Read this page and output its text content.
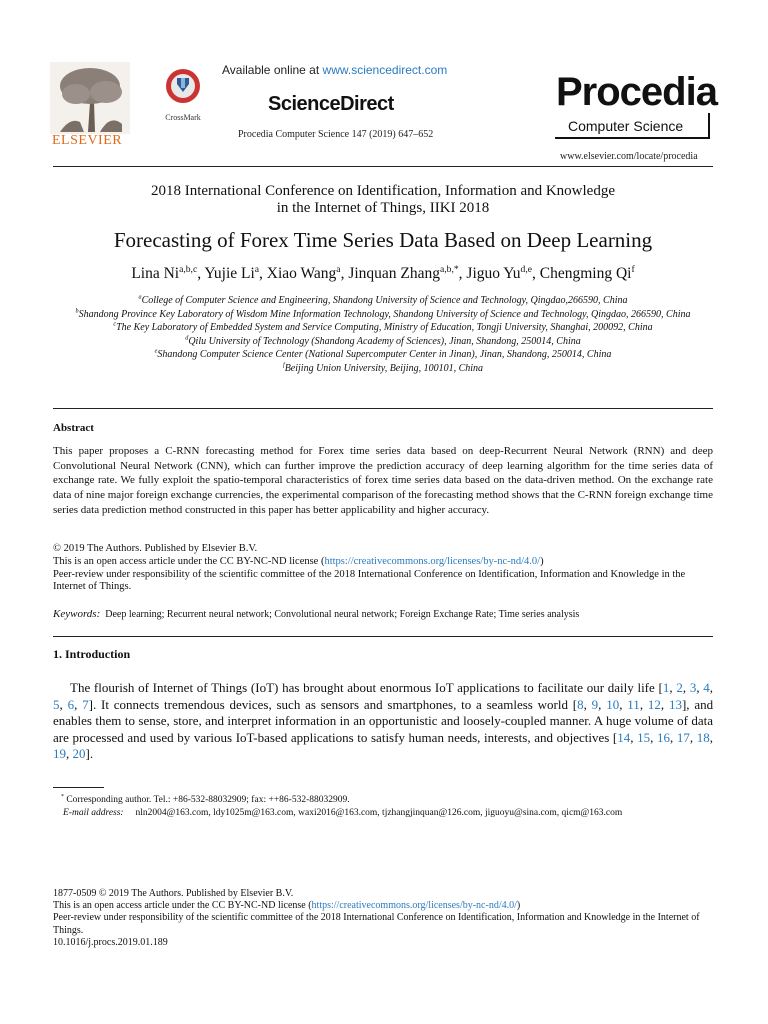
ELSEVIER
CrossMark
Available online at www.sciencedirect.com
ScienceDirect
Procedia Computer Science 147 (2019) 647–652
Procedia
Computer Science
www.elsevier.com/locate/procedia
2018 International Conference on Identification, Information and Knowledge
in the Internet of Things, IIKI 2018
Forecasting of Forex Time Series Data Based on Deep Learning
Lina Ni$^{a,b,c}$, Yujie Li$^a$, Xiao Wang$^a$, Jinquan Zhang$^{a,b,*}$, Jiguo Yu$^{d,e}$, Chengming Qi$^f$
$^a$College of Computer Science and Engineering, Shandong University of Science and Technology, Qingdao,266590, China
$^b$Shandong Province Key Laboratory of Wisdom Mine Information Technology, Shandong University of Science and Technology, Qingdao, 266590, China
$^c$The Key Laboratory of Embedded System and Service Computing, Ministry of Education, Tongji University, Shanghai, 200092, China
$^d$Qilu University of Technology (Shandong Academy of Sciences), Jinan, Shandong, 250014, China
$^e$Shandong Computer Science Center (National Supercomputer Center in Jinan), Jinan, Shandong, 250014, China
$^f$Beijing Union University, Beijing, 100101, China
Abstract
This paper proposes a C-RNN forecasting method for Forex time series data based on deep-Recurrent Neural Network (RNN) and deep Convolutional Neural Network (CNN), which can further improve the prediction accuracy of deep learning algorithm for the time series data of exchange rate. We fully exploit the spatio-temporal characteristics of forex time series data based on the data-driven method. On the exchange rate data of nine major foreign exchange currencies, the experimental comparison of the forecasting method shows that the C-RNN foreign exchange time series data prediction method constructed in this paper has better applicability and higher accuracy.
© 2019 The Authors. Published by Elsevier B.V.
This is an open access article under the CC BY-NC-ND license (https://creativecommons.org/licenses/by-nc-nd/4.0/)
Peer-review under responsibility of the scientific committee of the 2018 International Conference on Identification, Information and Knowledge in the Internet of Things.
Keywords: Deep learning; Recurrent neural network; Convolutional neural network; Foreign Exchange Rate; Time series analysis
1. Introduction
The flourish of Internet of Things (IoT) has brought about enormous IoT applications to facilitate our daily life [1, 2, 3, 4, 5, 6, 7]. It connects tremendous devices, such as sensors and smartphones, to a seamless world [8, 9, 10, 11, 12, 13], and enables them to sense, store, and interpret information in an opportunistic and loosely-coupled manner. A huge volume of data are processed and used by various IoT-based applications to satisfy human needs, interests, and objectives [14, 15, 16, 17, 18, 19, 20].
* Corresponding author. Tel.: +86-532-88032909; fax: ++86-532-88032909.
E-mail address: nln2004@163.com, ldy1025m@163.com, waxi2016@163.com, tjzhangjinquan@126.com, jiguoyu@sina.com, qicm@163.com
1877-0509 © 2019 The Authors. Published by Elsevier B.V.
This is an open access article under the CC BY-NC-ND license (https://creativecommons.org/licenses/by-nc-nd/4.0/)
Peer-review under responsibility of the scientific committee of the 2018 International Conference on Identification, Information and Knowledge in the Internet of Things.
10.1016/j.procs.2019.01.189
